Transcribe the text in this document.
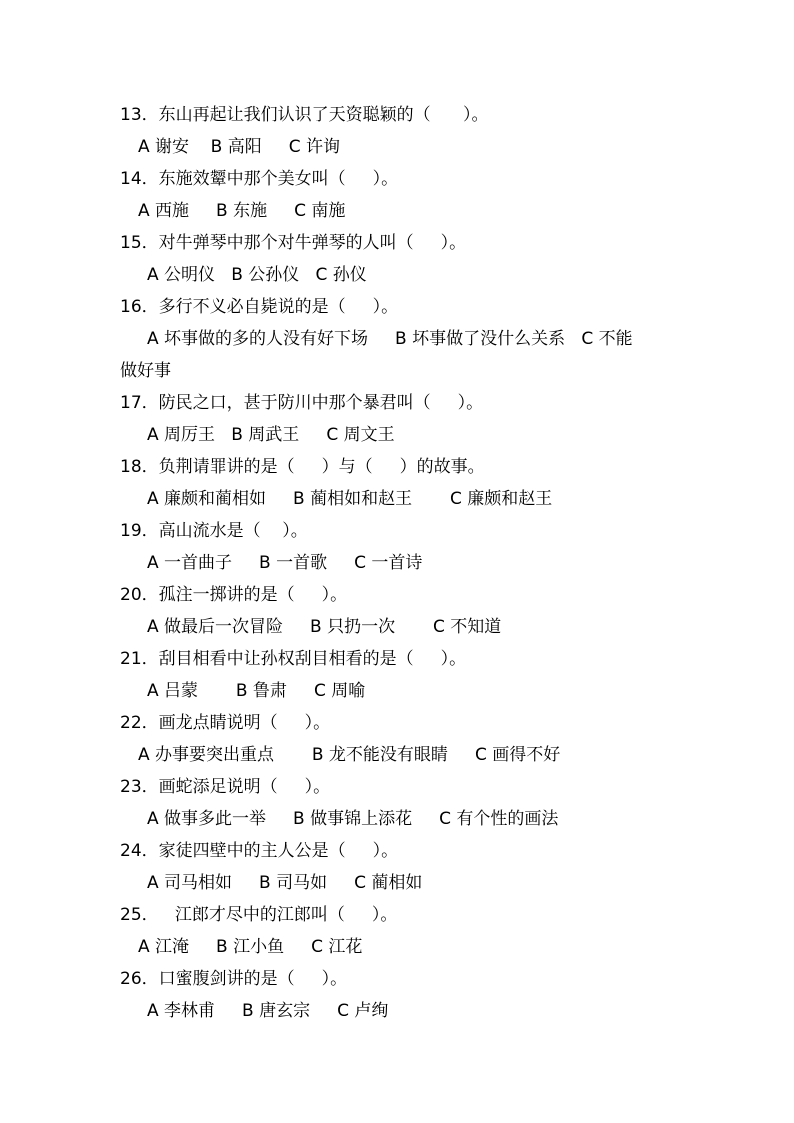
13．东山再起让我们认识了天资聪颖的（      ）。
A 谢安    B 高阳     C 许询
14．东施效颦中那个美女叫（     ）。
A 西施     B 东施     C 南施
15．对牛弹琴中那个对牛弹琴的人叫（     ）。
A 公明仪   B 公孙仪   C 孙仪
16．多行不义必自毙说的是（     ）。
A 坏事做的多的人没有好下场     B 坏事做了没什么关系   C 不能
做好事
17．防民之口，甚于防川中那个暴君叫（     ）。
A 周厉王   B 周武王     C 周文王
18．负荆请罪讲的是（     ）与（     ）的故事。
A 廉颇和蔺相如     B 蔺相如和赵王       C 廉颇和赵王
19．高山流水是（    ）。
A 一首曲子     B 一首歌     C 一首诗
20．孤注一掷讲的是（     ）。
A 做最后一次冒险     B 只扔一次       C 不知道
21．刮目相看中让孙权刮目相看的是（     ）。
A 吕蒙       B 鲁肃     C 周喻
22．画龙点睛说明（     ）。
A 办事要突出重点       B 龙不能没有眼睛     C 画得不好
23．画蛇添足说明（     ）。
A 做事多此一举     B 做事锦上添花     C 有个性的画法
24．家徒四壁中的主人公是（     ）。
A 司马相如     B 司马如     C 蔺相如
25．   江郎才尽中的江郎叫（     ）。
A 江淹     B 江小鱼     C 江花
26．口蜜腹剑讲的是（     ）。
A 李林甫     B 唐玄宗     C 卢绚
